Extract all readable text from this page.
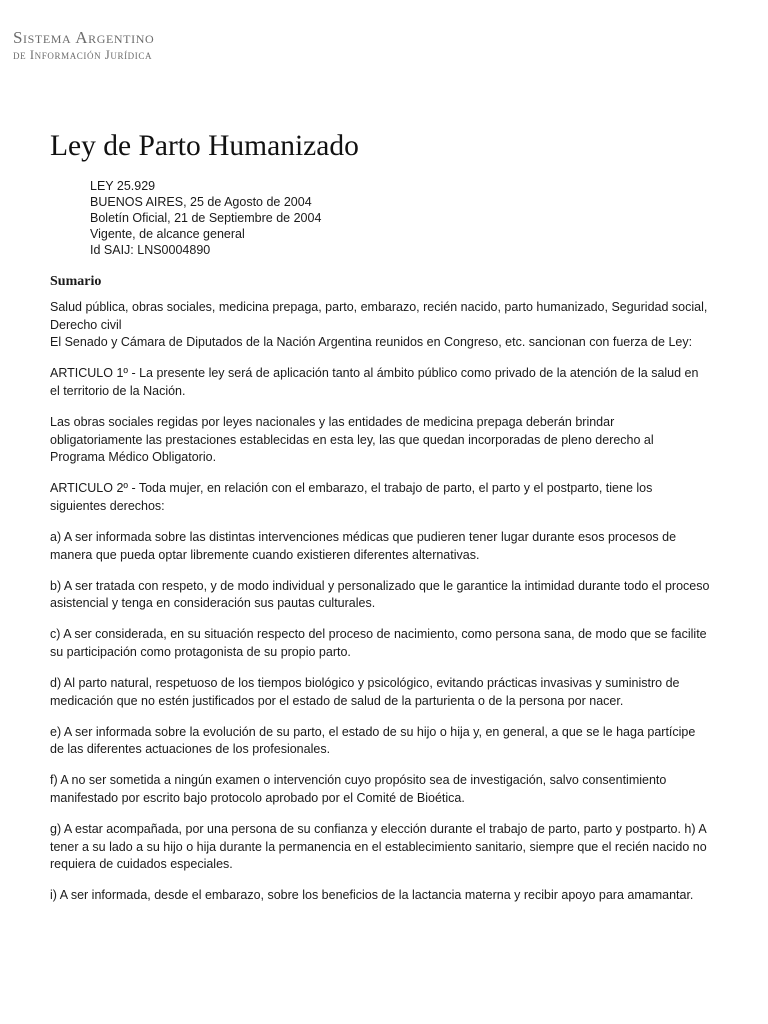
Sistema Argentino
de Información Jurídica
Ley de Parto Humanizado
LEY 25.929
BUENOS AIRES, 25 de Agosto de 2004
Boletín Oficial, 21 de Septiembre de 2004
Vigente, de alcance general
Id SAIJ: LNS0004890
Sumario

Salud pública, obras sociales, medicina prepaga, parto, embarazo, recién nacido, parto humanizado, Seguridad social, Derecho civil

El Senado y Cámara de Diputados de la Nación Argentina reunidos en Congreso, etc. sancionan con fuerza de Ley:

ARTICULO 1º - La presente ley será de aplicación tanto al ámbito público como privado de la atención de la salud en el territorio de la Nación.

Las obras sociales regidas por leyes nacionales y las entidades de medicina prepaga deberán brindar obligatoriamente las prestaciones establecidas en esta ley, las que quedan incorporadas de pleno derecho al Programa Médico Obligatorio.

ARTICULO 2º - Toda mujer, en relación con el embarazo, el trabajo de parto, el parto y el postparto, tiene los siguientes derechos:

a) A ser informada sobre las distintas intervenciones médicas que pudieren tener lugar durante esos procesos de manera que pueda optar libremente cuando existieren diferentes alternativas.

b) A ser tratada con respeto, y de modo individual y personalizado que le garantice la intimidad durante todo el proceso asistencial y tenga en consideración sus pautas culturales.

c) A ser considerada, en su situación respecto del proceso de nacimiento, como persona sana, de modo que se facilite su participación como protagonista de su propio parto.

d) Al parto natural, respetuoso de los tiempos biológico y psicológico, evitando prácticas invasivas y suministro de medicación que no estén justificados por el estado de salud de la parturienta o de la persona por nacer.

e) A ser informada sobre la evolución de su parto, el estado de su hijo o hija y, en general, a que se le haga partícipe de las diferentes actuaciones de los profesionales.

f) A no ser sometida a ningún examen o intervención cuyo propósito sea de investigación, salvo consentimiento manifestado por escrito bajo protocolo aprobado por el Comité de Bioética.

g) A estar acompañada, por una persona de su confianza y elección durante el trabajo de parto, parto y postparto. h) A tener a su lado a su hijo o hija durante la permanencia en el establecimiento sanitario, siempre que el recién nacido no requiera de cuidados especiales.

i) A ser informada, desde el embarazo, sobre los beneficios de la lactancia materna y recibir apoyo para amamantar.
